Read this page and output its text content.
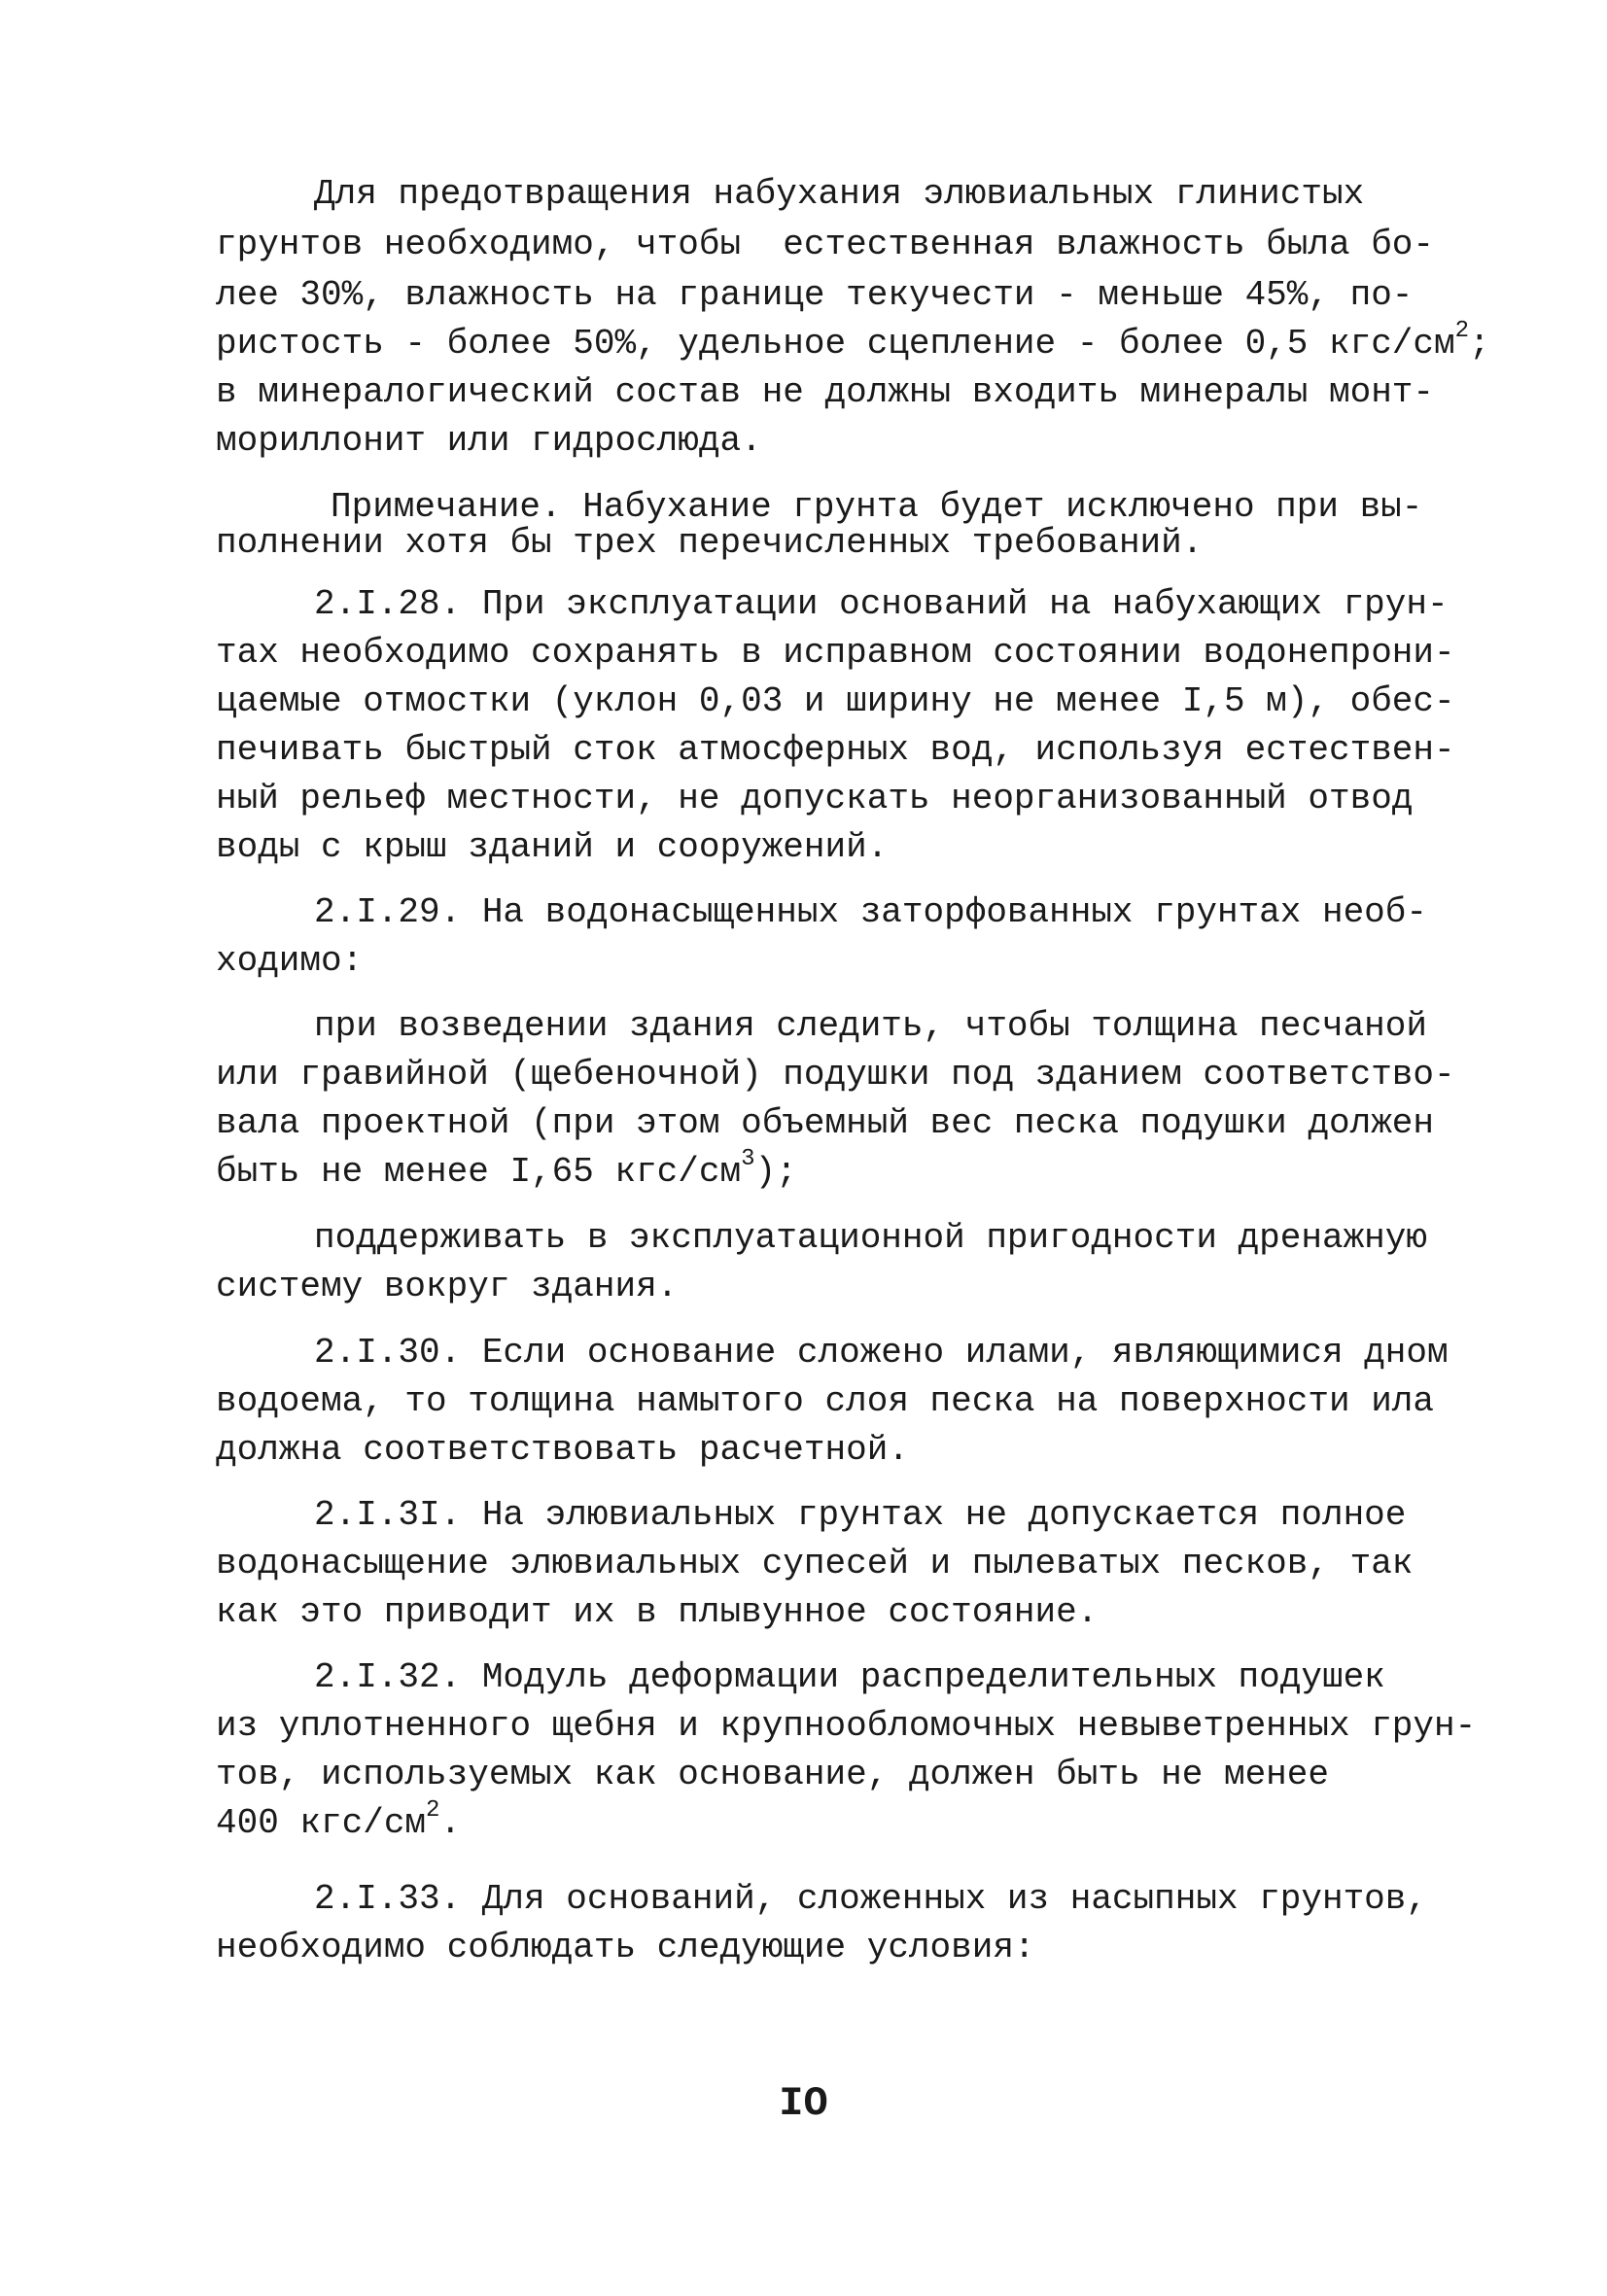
Для предотвращения набухания элювиальных глинистых
грунтов необходимо, чтобы  естественная влажность была бо-
лее 30%, влажность на границе текучести - меньше 45%, по-
ристость - более 50%, удельное сцепление - более 0,5 кгс/$см^2$;
в минералогический состав не должны входить минералы монт-
мориллонит или гидрослюда.
Примечание. Набухание грунта будет исключено при вы-
полнении хотя бы трех перечисленных требований.
2.I.28. При эксплуатации оснований на набухающих грун-
тах необходимо сохранять в исправном состоянии водонепрони-
цаемые отмостки (уклон 0,03 и ширину не менее I,5 м), обес-
печивать быстрый сток атмосферных вод, используя естествен-
ный рельеф местности, не допускать неорганизованный отвод
воды с крыш зданий и сооружений.
2.I.29. На водонасыщенных заторфованных грунтах необ-
ходимо:
при возведении здания следить, чтобы толщина песчаной
или гравийной (щебеночной) подушки под зданием соответство-
вала проектной (при этом объемный вес песка подушки должен
быть не менее I,65 кгс/$см^3$);
поддерживать в эксплуатационной пригодности дренажную
систему вокруг здания.
2.I.30. Если основание сложено илами, являющимися дном
водоема, то толщина намытого слоя песка на поверхности ила
должна соответствовать расчетной.
2.I.3I. На элювиальных грунтах не допускается полное
водонасыщение элювиальных супесей и пылеватых песков, так
как это приводит их в плывунное состояние.
2.I.32. Модуль деформации распределительных подушек
из уплотненного щебня и крупнообломочных невыветренных грун-
тов, используемых как основание, должен быть не менее
400 кгс/$см^2$.
2.I.33. Для оснований, сложенных из насыпных грунтов,
необходимо соблюдать следующие условия:
IO
